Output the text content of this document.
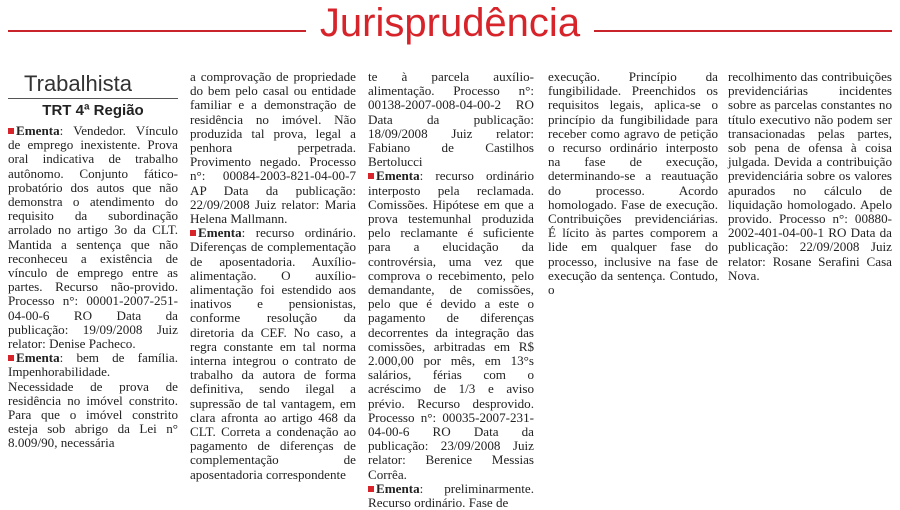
Jurisprudência
Trabalhista
TRT 4ª Região

Ementa: Vendedor. Vínculo de emprego inexistente. Prova oral indicativa de trabalho autônomo. Conjunto fático-probatório dos autos que não demonstra o atendimento do requisito da subordinação arrolado no artigo 3o da CLT. Mantida a sentença que não reconheceu a existência de vínculo de emprego entre as partes. Recurso não-provido. Processo n°: 00001-2007-251-04-00-6 RO Data da publicação: 19/09/2008 Juiz relator: Denise Pacheco.

Ementa: bem de família. Impenhorabilidade. Necessidade de prova de residência no imóvel constrito. Para que o imóvel constrito esteja sob abrigo da Lei n° 8.009/90, necessária

a comprovação de propriedade do bem pelo casal ou entidade familiar e a demonstração de residência no imóvel. Não produzida tal prova, legal a penhora perpetrada. Provimento negado. Processo n°: 00084-2003-821-04-00-7 AP Data da publicação: 22/09/2008 Juiz relator: Maria Helena Mallmann.

Ementa: recurso ordinário. Diferenças de complementação de aposentadoria. Auxílio-alimentação. O auxílio-alimentação foi estendido aos inativos e pensionistas, conforme resolução da diretoria da CEF. No caso, a regra constante em tal norma interna integrou o contrato de trabalho da autora de forma definitiva, sendo ilegal a supressão de tal vantagem, em clara afronta ao artigo 468 da CLT. Correta a condenação ao pagamento de diferenças de complementação de aposentadoria correspondente

te à parcela auxílio-alimentação. Processo n°: 00138-2007-008-04-00-2 RO Data da publicação: 18/09/2008 Juiz relator: Fabiano de Castilhos Bertolucci

Ementa: recurso ordinário interposto pela reclamada. Comissões. Hipótese em que a prova testemunhal produzida pelo reclamante é suficiente para a elucidação da controvérsia, uma vez que comprova o recebimento, pelo demandante, de comissões, pelo que é devido a este o pagamento de diferenças decorrentes da integração das comissões, arbitradas em R$ 2.000,00 por mês, em 13°s salários, férias com o acréscimo de 1/3 e aviso prévio. Recurso desprovido. Processo n°: 00035-2007-231-04-00-6 RO Data da publicação: 23/09/2008 Juiz relator: Berenice Messias Corrêa.

Ementa: preliminarmente. Recurso ordinário. Fase de

execução. Princípio da fungibilidade. Preenchidos os requisitos legais, aplica-se o princípio da fungibilidade para receber como agravo de petição o recurso ordinário interposto na fase de execução, determinando-se a reautuação do processo. Acordo homologado. Fase de execução. Contribuições previdenciárias. É lícito às partes comporem a lide em qualquer fase do processo, inclusive na fase de execução da sentença. Contudo, o

recolhimento das contribuições previdenciárias incidentes sobre as parcelas constantes no título executivo não podem ser transacionadas pelas partes, sob pena de ofensa à coisa julgada. Devida a contribuição previdenciária sobre os valores apurados no cálculo de liquidação homologado. Apelo provido. Processo n°: 00880-2002-401-04-00-1 RO Data da publicação: 22/09/2008 Juiz relator: Rosane Serafini Casa Nova.
